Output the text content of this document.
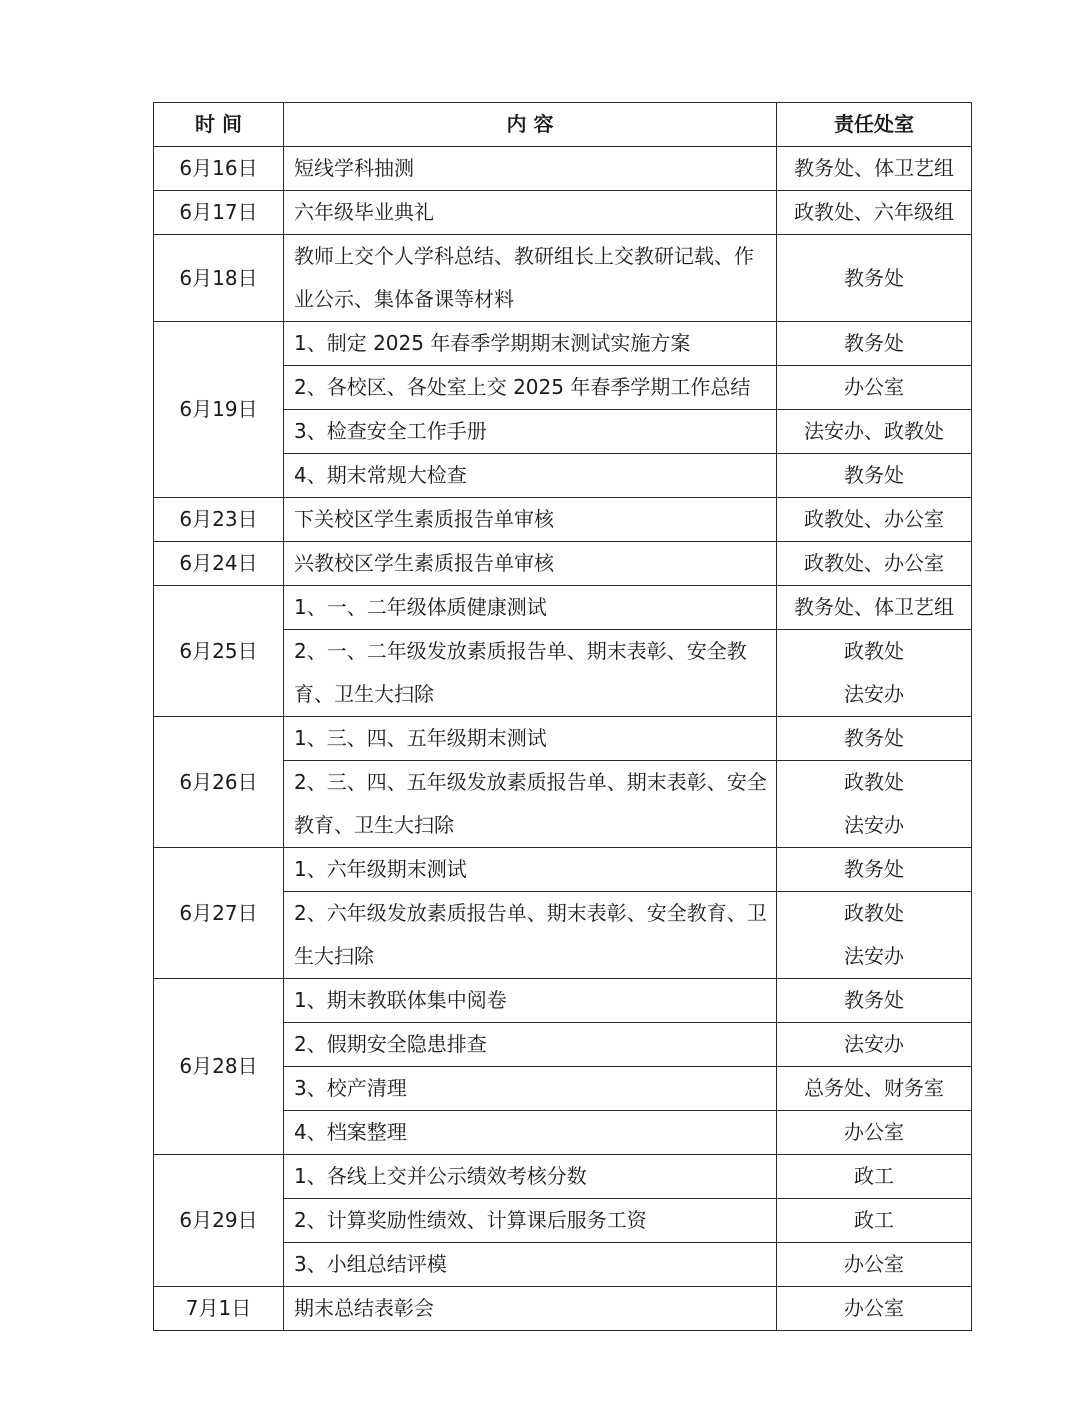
时 间	内 容	责任处室
6月16日	短线学科抽测	教务处、体卫艺组

6月17日	六年级毕业典礼	政教处、六年级组

6月18日	教师上交个人学科总结、教研组长上交教研记载、作业公示、集体备课等材料	教务处

6月19日	1、制定 2025 年春季学期期末测试实施方案	教务处

	2、各校区、各处室上交 2025 年春季学期工作总结	办公室

	3、检查安全工作手册	法安办、政教处

	4、期末常规大检查	教务处

6月23日	下关校区学生素质报告单审核	政教处、办公室

6月24日	兴教校区学生素质报告单审核	政教处、办公室

6月25日	1、一、二年级体质健康测试	教务处、体卫艺组

	2、一、二年级发放素质报告单、期末表彰、安全教育、卫生大扫除	政教处
法安办

6月26日	1、三、四、五年级期末测试	教务处

	2、三、四、五年级发放素质报告单、期末表彰、安全教育、卫生大扫除	政教处
法安办

6月27日	1、六年级期末测试	教务处

	2、六年级发放素质报告单、期末表彰、安全教育、卫生大扫除	政教处
法安办

6月28日	1、期末教联体集中阅卷	教务处

	2、假期安全隐患排查	法安办

	3、校产清理	总务处、财务室

	4、档案整理	办公室

6月29日	1、各线上交并公示绩效考核分数	政工

	2、计算奖励性绩效、计算课后服务工资	政工

	3、小组总结评模	办公室

7月1日	期末总结表彰会	办公室
